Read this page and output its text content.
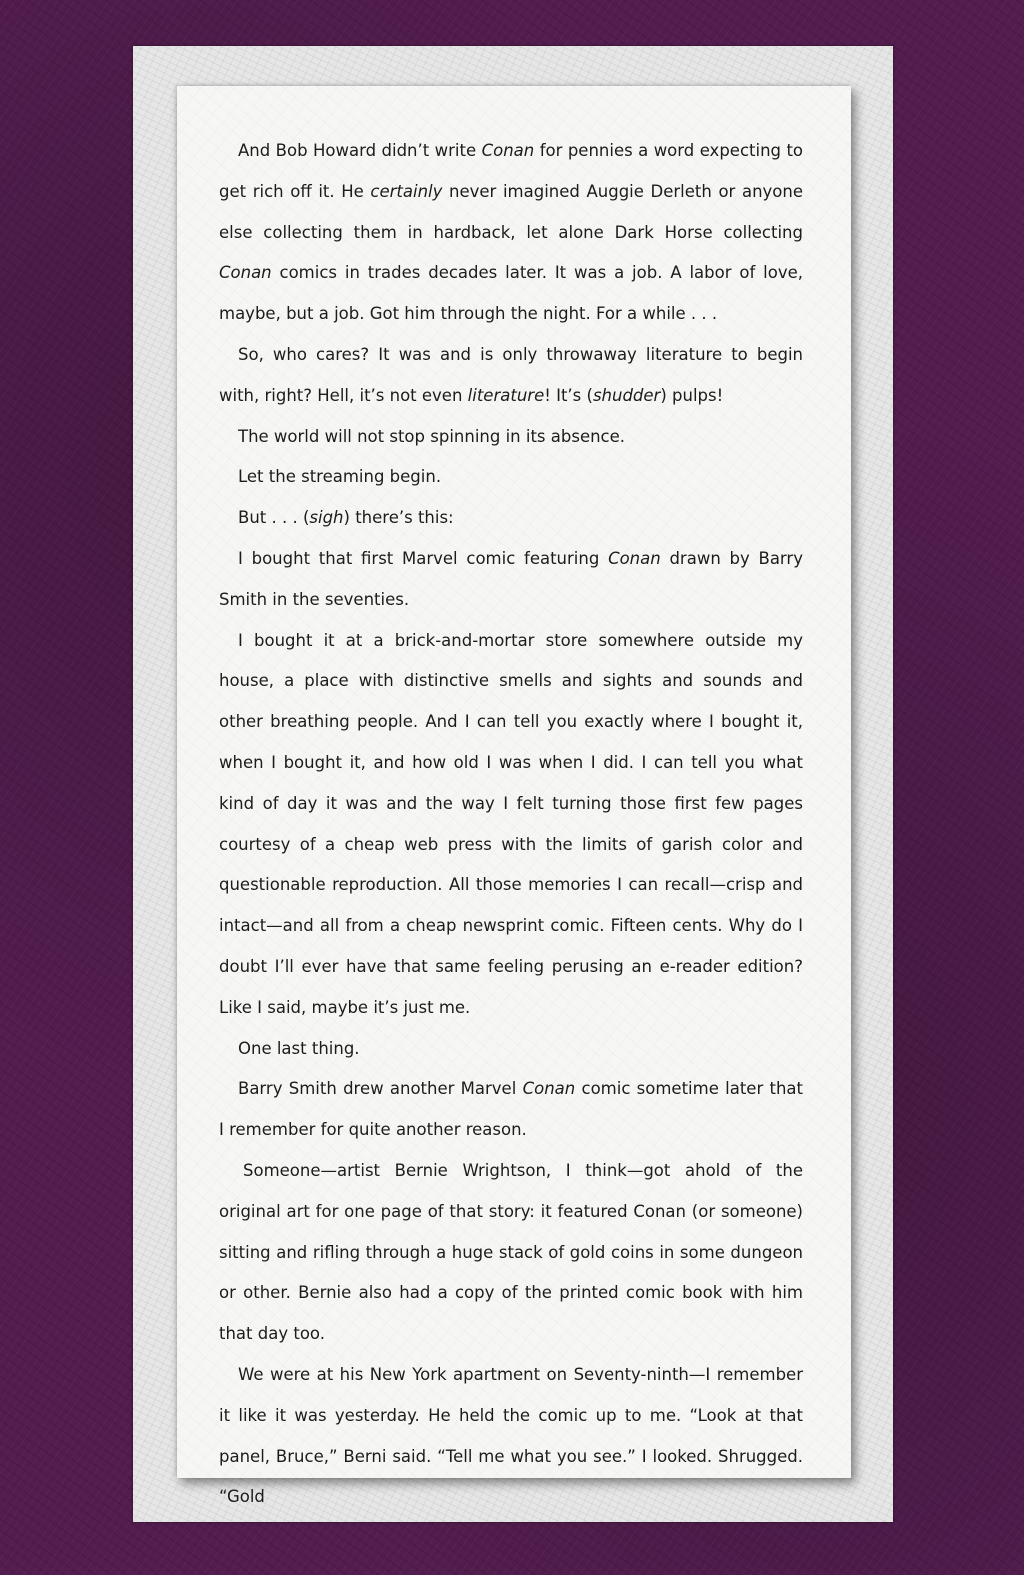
And Bob Howard didn’t write Conan for pennies a word expecting to get rich off it. He certainly never imagined Auggie Derleth or anyone else collecting them in hardback, let alone Dark Horse collecting Conan comics in trades decades later. It was a job. A labor of love, maybe, but a job. Got him through the night. For a while . . .

So, who cares? It was and is only throwaway literature to begin with, right? Hell, it’s not even literature! It’s (shudder) pulps!

The world will not stop spinning in its absence.

Let the streaming begin.

But . . . (sigh) there’s this:

I bought that first Marvel comic featuring Conan drawn by Barry Smith in the seventies.

I bought it at a brick-and-mortar store somewhere outside my house, a place with distinctive smells and sights and sounds and other breathing people. And I can tell you exactly where I bought it, when I bought it, and how old I was when I did. I can tell you what kind of day it was and the way I felt turning those first few pages courtesy of a cheap web press with the limits of garish color and questionable reproduction. All those memories I can recall—crisp and intact—and all from a cheap newsprint comic. Fifteen cents. Why do I doubt I’ll ever have that same feeling perusing an e-reader edition? Like I said, maybe it’s just me.

One last thing.

Barry Smith drew another Marvel Conan comic sometime later that I remember for quite another reason.

Someone—artist Bernie Wrightson, I think—got ahold of the original art for one page of that story: it featured Conan (or someone) sitting and rifling through a huge stack of gold coins in some dungeon or other. Bernie also had a copy of the printed comic book with him that day too.

We were at his New York apartment on Seventy-ninth—I remember it like it was yesterday. He held the comic up to me. “Look at that panel, Bruce,” Berni said. “Tell me what you see.” I looked. Shrugged. “Gold
